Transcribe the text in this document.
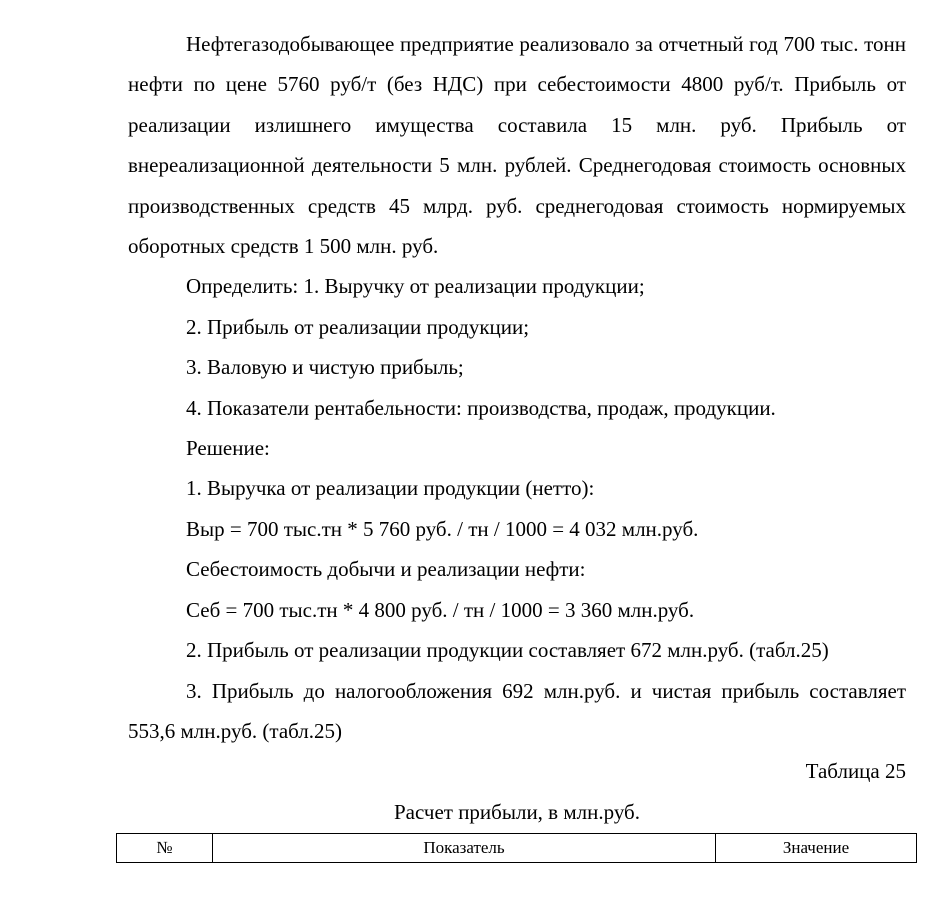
Нефтегазодобывающее предприятие реализовало за отчетный год 700 тыс. тонн нефти по цене 5760 руб/т (без НДС) при себестоимости 4800 руб/т. Прибыль от реализации излишнего имущества составила 15 млн. руб. Прибыль от внереализационной деятельности 5 млн. рублей. Среднегодовая стоимость основных производственных средств 45 млрд. руб. среднегодовая стоимость нормируемых оборотных средств 1 500 млн. руб.

Определить: 1. Выручку от реализации продукции;

2. Прибыль от реализации продукции;

3. Валовую и чистую прибыль;

4. Показатели рентабельности: производства, продаж, продукции.

Решение:

1. Выручка от реализации продукции (нетто):

Выр = 700 тыс.тн * 5 760 руб. / тн / 1000 = 4 032 млн.руб.

Себестоимость добычи и реализации нефти:

Себ = 700 тыс.тн * 4 800 руб. / тн / 1000 = 3 360 млн.руб.

2. Прибыль от реализации продукции составляет 672 млн.руб. (табл.25)

3. Прибыль до налогообложения 692 млн.руб. и чистая прибыль составляет 553,6 млн.руб. (табл.25)

Таблица 25

Расчет прибыли, в млн.руб.

№	Показатель	Значение
